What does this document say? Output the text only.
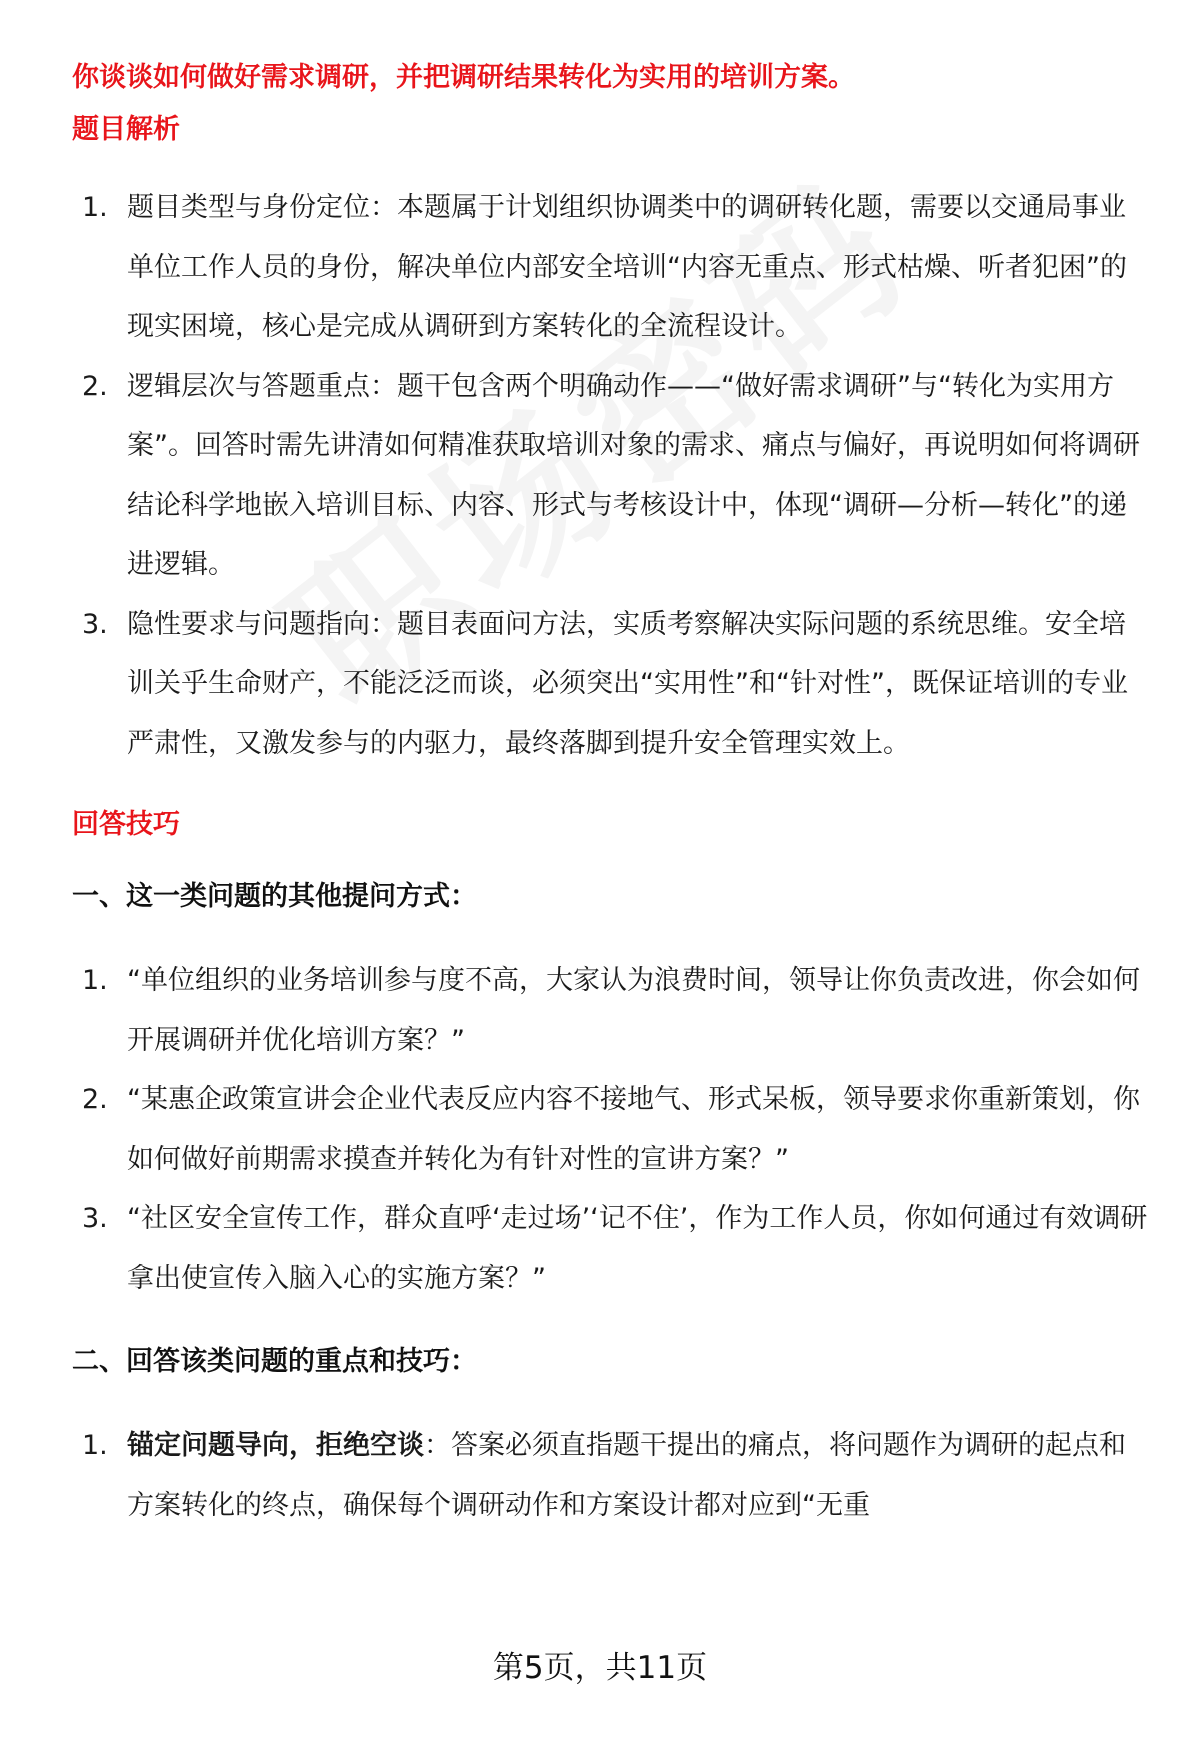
你谈谈如何做好需求调研，并把调研结果转化为实用的培训方案。

题目解析
1. 题目类型与身份定位：本题属于计划组织协调类中的调研转化题，需要以交通局事业单位工作人员的身份，解决单位内部安全培训“内容无重点、形式枯燥、听者犯困”的现实困境，核心是完成从调研到方案转化的全流程设计。
2. 逻辑层次与答题重点：题干包含两个明确动作——“做好需求调研”与“转化为实用方案”。回答时需先讲清如何精准获取培训对象的需求、痛点与偏好，再说明如何将调研结论科学地嵌入培训目标、内容、形式与考核设计中，体现“调研—分析—转化”的递进逻辑。
3. 隐性要求与问题指向：题目表面问方法，实质考察解决实际问题的系统思维。安全培训关乎生命财产，不能泛泛而谈，必须突出“实用性”和“针对性”，既保证培训的专业严肃性，又激发参与的内驱力，最终落脚到提升安全管理实效上。
回答技巧
一、这一类问题的其他提问方式：
1. “单位组织的业务培训参与度不高，大家认为浪费时间，领导让你负责改进，你会如何开展调研并优化培训方案？”
2. “某惠企政策宣讲会企业代表反应内容不接地气、形式呆板，领导要求你重新策划，你如何做好前期需求摸查并转化为有针对性的宣讲方案？”
3. “社区安全宣传工作，群众直呼‘走过场’‘记不住’，作为工作人员，你如何通过有效调研拿出使宣传入脑入心的实施方案？”
二、回答该类问题的重点和技巧：
1. 锚定问题导向，拒绝空谈：答案必须直指题干提出的痛点，将问题作为调研的起点和方案转化的终点，确保每个调研动作和方案设计都对应到“无重
第5页，共11页
